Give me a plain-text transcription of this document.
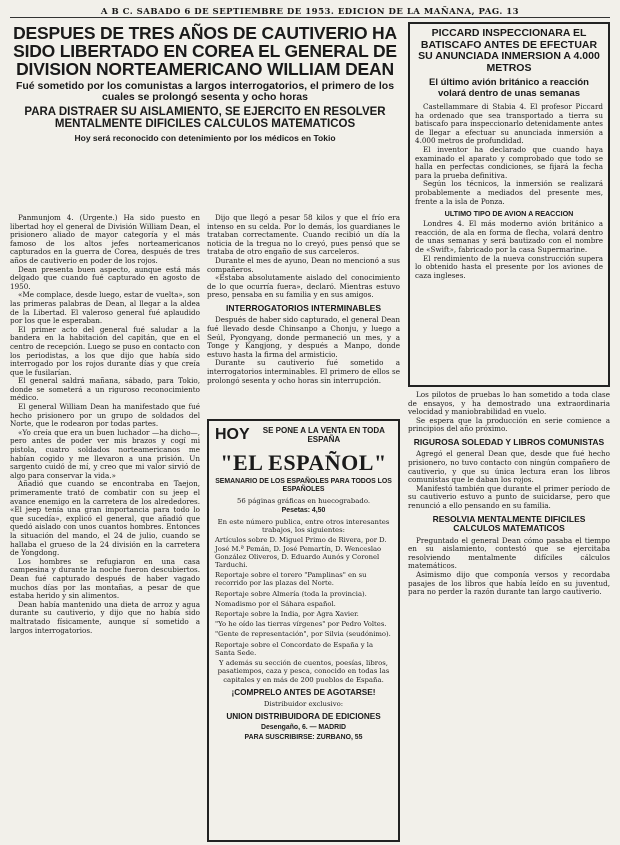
A B C. SABADO 6 DE SEPTIEMBRE DE 1953. EDICION DE LA MAÑANA, PAG. 13
DESPUES DE TRES AÑOS DE CAUTIVERIO HA SIDO LIBERTADO EN COREA EL GENERAL DE DIVISION NORTEAMERICANO WILLIAM DEAN
Fué sometido por los comunistas a largos interrogatorios, el primero de los cuales se prolongó sesenta y ocho horas
PARA DISTRAER SU AISLAMIENTO, SE EJERCITO EN RESOLVER MENTALMENTE DIFICILES CALCULOS MATEMATICOS
Hoy será reconocido con detenimiento por los médicos en Tokio

Panmunjom 4. (Urgente.) Ha sido puesto en libertad hoy el general de División William Dean, el prisionero aliado de mayor categoría y el más famoso de los altos jefes norteamericanos capturados en la guerra de Corea, después de tres años de cautiverio en poder de los rojos.

Dean presenta buen aspecto, aunque está más delgado que cuando fué capturado en agosto de 1950.

«Me complace, desde luego, estar de vuelta», son las primeras palabras de Dean, al llegar a la aldea de la Libertad. El valeroso general fué aplaudido por los que le esperaban.

El primer acto del general fué saludar a la bandera en la habitación del capitán, que en el centro de recepción. Luego se puso en contacto con los periodistas, a los que dijo que había sido interrogado por los rojos durante días y que creía que le fusilarían.

El general saldrá mañana, sábado, para Tokio, donde se someterá a un riguroso reconocimiento médico.

El general William Dean ha manifestado que fué hecho prisionero por un grupo de soldados del Norte, que le rodearon por todas partes.

«Yo creía que era un buen luchador —ha dicho—, pero antes de poder ver mis brazos y cogí mi pistola, cuatro soldados norteamericanos me habían cogido y me llevaron a una prisión. Un sargento cuidó de mí, y creo que mi valor sirvió de algo para conservar la vida.»

Añadió que cuando se encontraba en Taejon, primeramente trató de combatir con su jeep el avance enemigo en la carretera de los alrededores. «El jeep tenía una gran importancia para todo lo que sucedía», explicó el general, que añadió que quedó aislado con unos cuantos hombres. Entonces la situación del mando, el 24 de julio, cuando se hallaba el grueso de la 24 división en la carretera de Yongdong.

Los hombres se refugiaron en una casa campesina y durante la noche fueron descubiertos. Dean fué capturado después de haber vagado muchos días por las montañas, a pesar de que estaba herido y sin alimentos.

Dean había mantenido una dieta de arroz y agua durante su cautiverio, y dijo que no había sido maltratado físicamente, aunque sí sometido a largos interrogatorios.

Dijo que llegó a pesar 58 kilos y que el frío era intenso en su celda. Por lo demás, los guardianes le trataban correctamente. Cuando recibió un día la noticia de la tregua no lo creyó, pues pensó que se trataba de otro engaño de sus carceleros.

Durante el mes de ayuno, Dean no mencionó a sus compañeros.

«Estaba absolutamente aislado del conocimiento de lo que ocurría fuera», declaró. Mientras estuvo preso, pensaba en su familia y en sus amigos.

INTERROGATORIOS INTERMINABLES

Después de haber sido capturado, el general Dean fué llevado desde Chinsanpo a Chonju, y luego a Seúl, Pyongyang, donde permaneció un mes, y a Tonge y Kangjong, y después a Manpo, donde estuvo hasta la firma del armisticio.

Durante su cautiverio fué sometido a interrogatorios interminables. El primero de ellos se prolongó sesenta y ocho horas sin interrupción.

HOY	SE PONE A LA VENTA EN TODA ESPAÑA
"EL ESPAÑOL"
SEMANARIO DE LOS ESPAÑOLES PARA TODOS LOS ESPAÑOLES
56 páginas gráficas en huecograbado.
Pesetas: 4,50
En este número publica, entre otros interesantes trabajos, los siguientes:
Artículos sobre D. Miguel Primo de Rivera, por D. José M.ª Pemán, D. José Pemartín, D. Wenceslao González Oliveros, D. Eduardo Aunós y Coronel Tarduchi.
Reportaje sobre el torero "Pamplinas" en su recorrido por las plazas del Norte.
Reportaje sobre Almería (toda la provincia).
Nomadismo por el Sáhara español.
Reportaje sobre la India, por Agra Xavier.
"Yo he oído las tierras vírgenes" por Pedro Voltes.
"Gente de representación", por Silvia (seudónimo).
Reportaje sobre el Concordato de España y la Santa Sede.
Y además su sección de cuentos, poesías, libros, pasatiempos, caza y pesca, conocido en todas las capitales y en más de 200 pueblos de España.
¡COMPRELO ANTES DE AGOTARSE!
Distribuidor exclusivo:
UNION DISTRIBUIDORA DE EDICIONES
Desengaño, 6. — MADRID
PARA SUSCRIBIRSE: ZURBANO, 55
PICCARD INSPECCIONARA EL BATISCAFO ANTES DE EFECTUAR SU ANUNCIADA INMERSION A 4.000 METROS
El último avión británico a reacción volará dentro de unas semanas

Castellammare di Stabia 4. El profesor Piccard ha ordenado que sea transportado a tierra su batiscafo para inspeccionarlo detenidamente antes de llegar a efectuar su anunciada inmersión a 4.000 metros de profundidad.

El inventor ha declarado que cuando haya examinado el aparato y comprobado que todo se halla en perfectas condiciones, se fijará la fecha para la prueba definitiva.

Según los técnicos, la inmersión se realizará probablemente a mediados del presente mes, frente a la isla de Ponza.

ULTIMO TIPO DE AVION A REACCION

Londres 4. El más moderno avión británico a reacción, de ala en forma de flecha, volará dentro de unas semanas y será bautizado con el nombre de «Swift», fabricado por la casa Supermarine.

El rendimiento de la nueva construcción supera lo obtenido hasta el presente por los aviones de caza ingleses.

Los pilotos de pruebas lo han sometido a toda clase de ensayos, y ha demostrado una extraordinaria velocidad y maniobrabilidad en vuelo.

Se espera que la producción en serie comience a principios del año próximo.

RIGUROSA SOLEDAD Y LIBROS COMUNISTAS

Agregó el general Dean que, desde que fué hecho prisionero, no tuvo contacto con ningún compañero de cautiverio, y que su única lectura eran los libros comunistas que le daban los rojos.

Manifestó también que durante el primer período de su cautiverio estuvo a punto de suicidarse, pero que renunció a ello pensando en su familia.

RESOLVIA MENTALMENTE DIFICILES CALCULOS MATEMATICOS

Preguntado el general Dean cómo pasaba el tiempo en su aislamiento, contestó que se ejercitaba resolviendo mentalmente difíciles cálculos matemáticos.

Asimismo dijo que componía versos y recordaba pasajes de los libros que había leído en su juventud, para no perder la razón durante tan largo cautiverio.
